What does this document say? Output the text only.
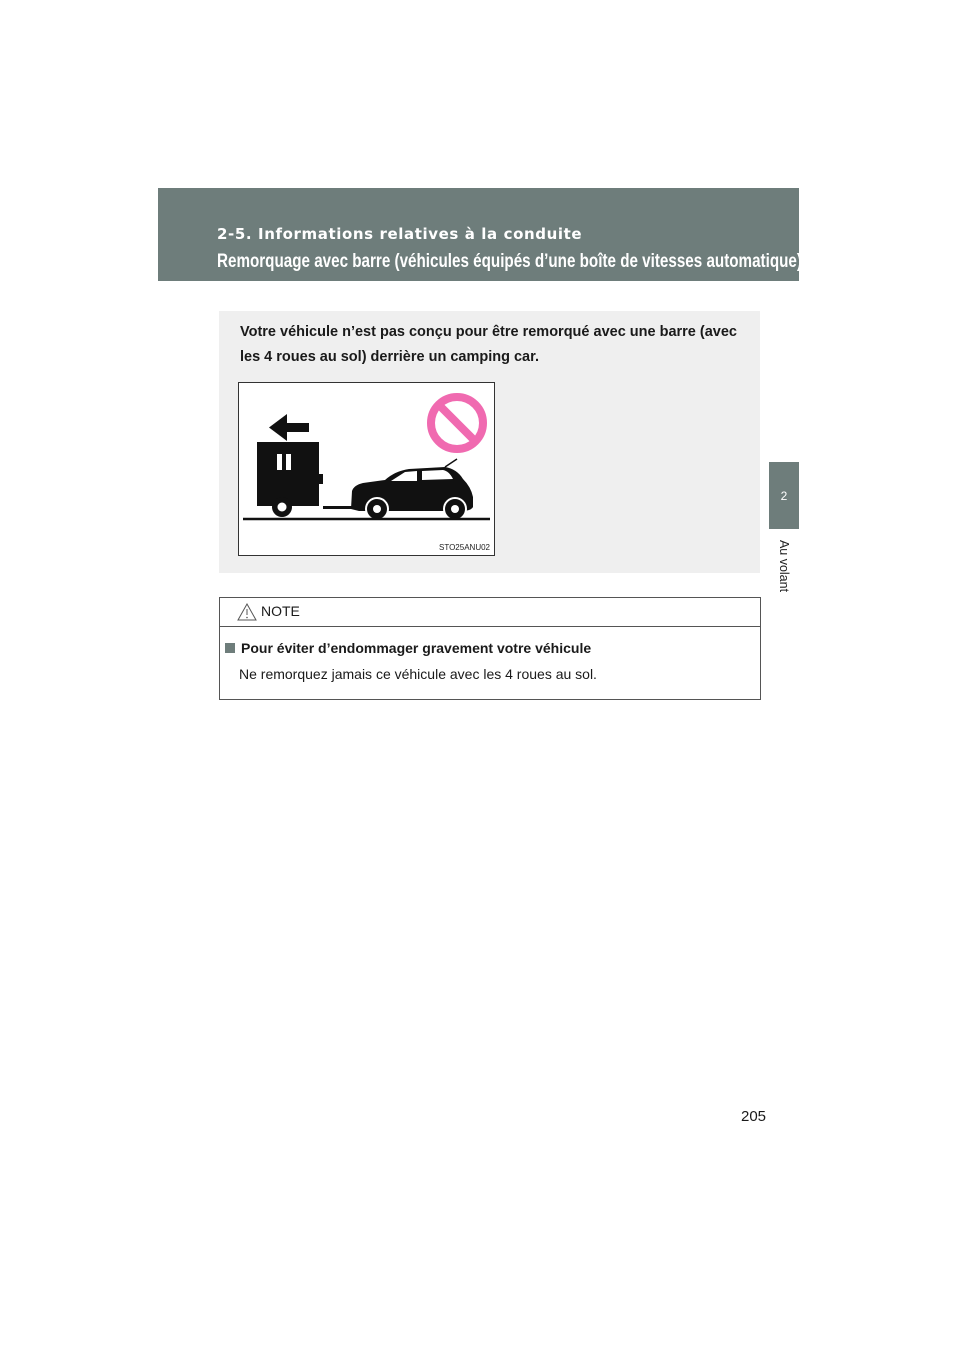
2-5. Informations relatives à la conduite
Remorquage avec barre (véhicules équipés d’une boîte de vitesses automatique)
2
Au volant
Votre véhicule n’est pas conçu pour être remorqué avec une barre (avec les 4 roues au sol) derrière un camping car.
STO25ANU02
NOTE
Pour éviter d’endommager gravement votre véhicule
Ne remorquez jamais ce véhicule avec les 4 roues au sol.
205
